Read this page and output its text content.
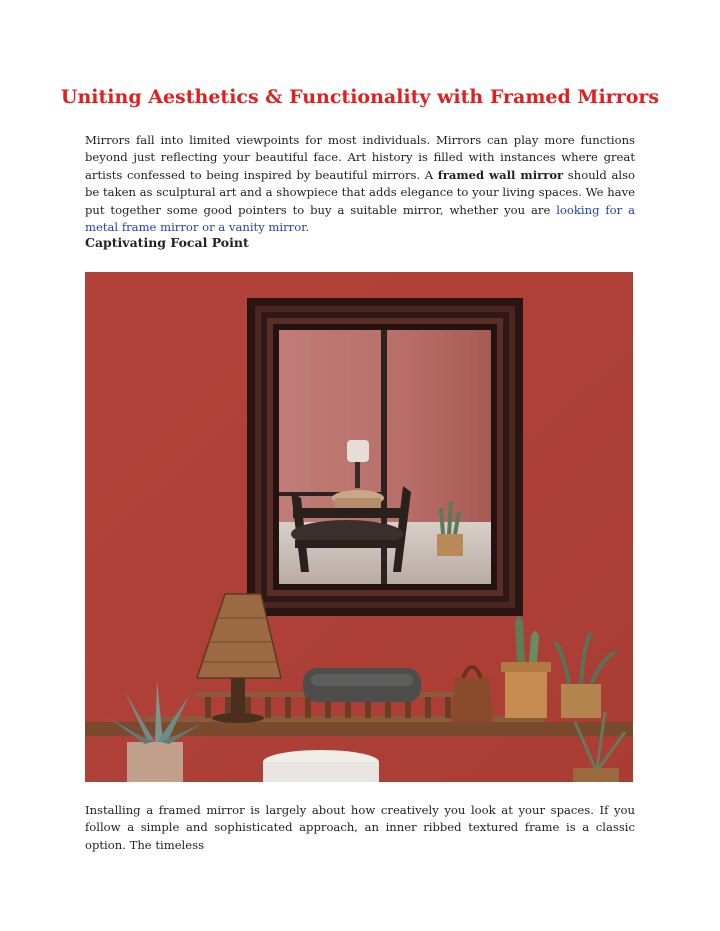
Uniting Aesthetics & Functionality with Framed Mirrors

Mirrors fall into limited viewpoints for most individuals. Mirrors can play more functions beyond just reflecting your beautiful face. Art history is filled with instances where great artists confessed to being inspired by beautiful mirrors. A framed wall mirror should also be taken as sculptural art and a showpiece that adds elegance to your living spaces. We have put together some good pointers to buy a suitable mirror, whether you are looking for a metal frame mirror or a vanity mirror.

Captivating Focal Point

Installing a framed mirror is largely about how creatively you look at your spaces. If you follow a simple and sophisticated approach, an inner ribbed textured frame is a classic option. The timeless
